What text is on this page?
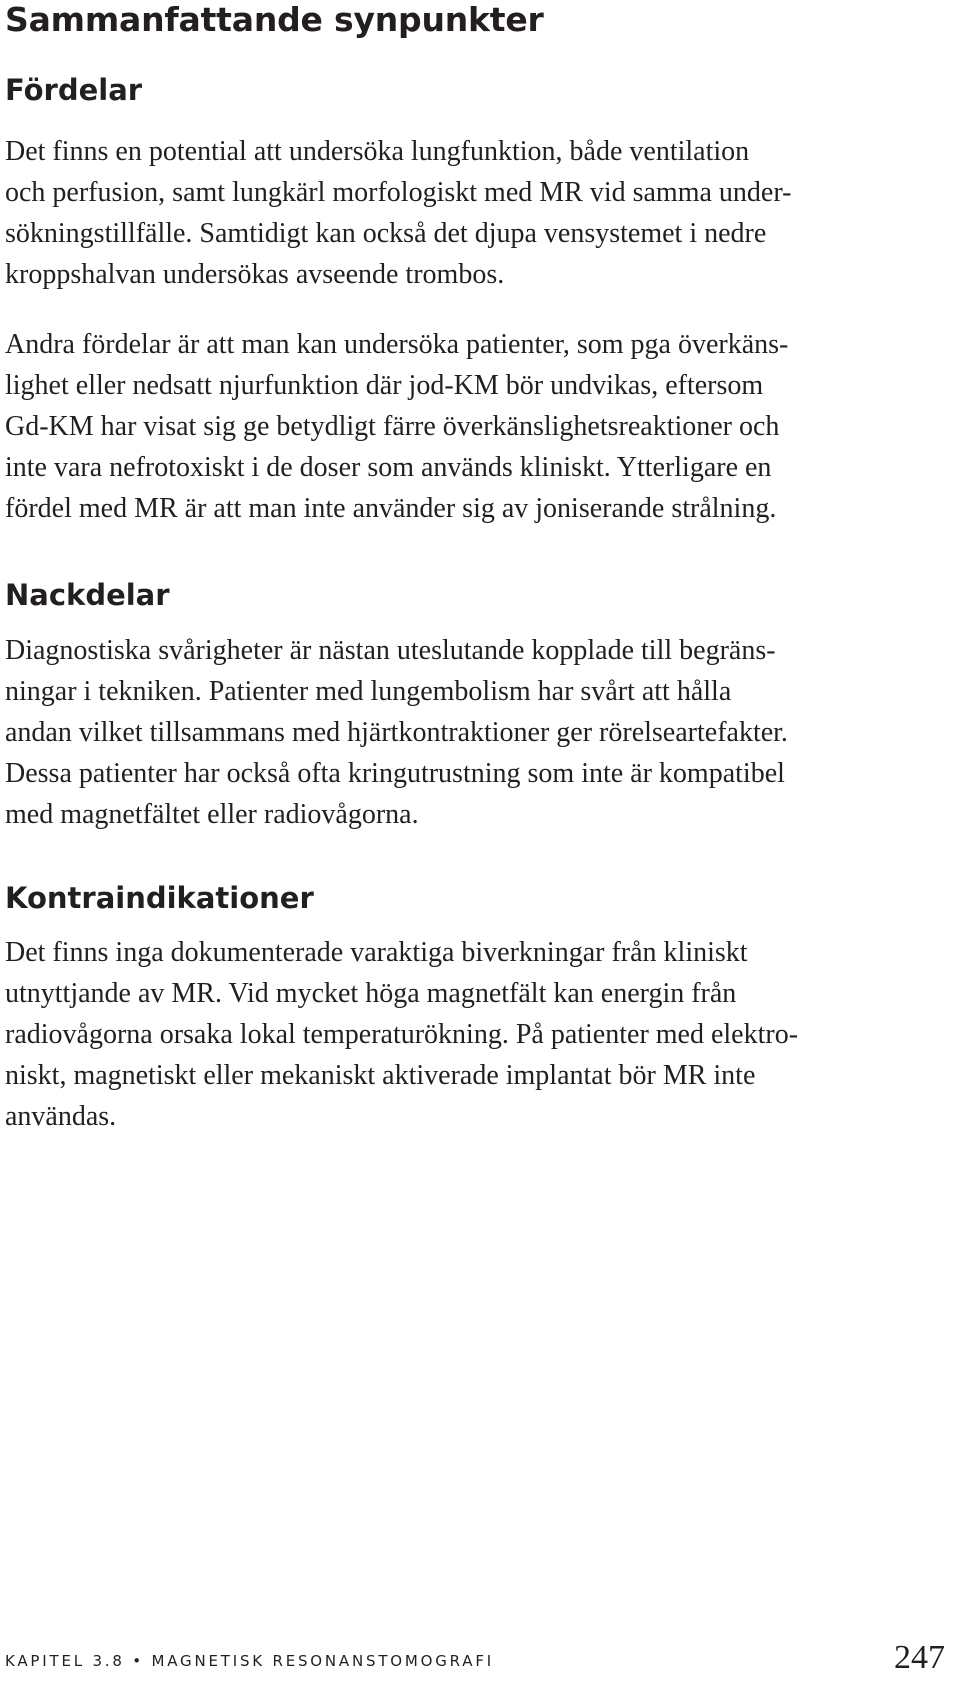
Sammanfattande synpunkter
Fördelar

Det finns en potential att undersöka lungfunktion, både ventilation
och perfusion, samt lungkärl morfologiskt med MR vid samma under-
sökningstillfälle. Samtidigt kan också det djupa vensystemet i nedre
kroppshalvan undersökas avseende trombos.

Andra fördelar är att man kan undersöka patienter, som pga överkäns-
lighet eller nedsatt njurfunktion där jod-KM bör undvikas, eftersom
Gd-KM har visat sig ge betydligt färre överkänslighetsreaktioner och
inte vara nefrotoxiskt i de doser som används kliniskt. Ytterligare en
fördel med MR är att man inte använder sig av joniserande strålning.

Nackdelar

Diagnostiska svårigheter är nästan uteslutande kopplade till begräns-
ningar i tekniken. Patienter med lungembolism har svårt att hålla
andan vilket tillsammans med hjärtkontraktioner ger rörelseartefakter.
Dessa patienter har också ofta kringutrustning som inte är kompatibel
med magnetfältet eller radiovågorna.

Kontraindikationer

Det finns inga dokumenterade varaktiga biverkningar från kliniskt
utnyttjande av MR. Vid mycket höga magnetfält kan energin från
radiovågorna orsaka lokal temperaturökning. På patienter med elektro-
niskt, magnetiskt eller mekaniskt aktiverade implantat bör MR inte
användas.

KAPITEL 3.8 • MAGNETISK RESONANSTOMOGRAFI	247
